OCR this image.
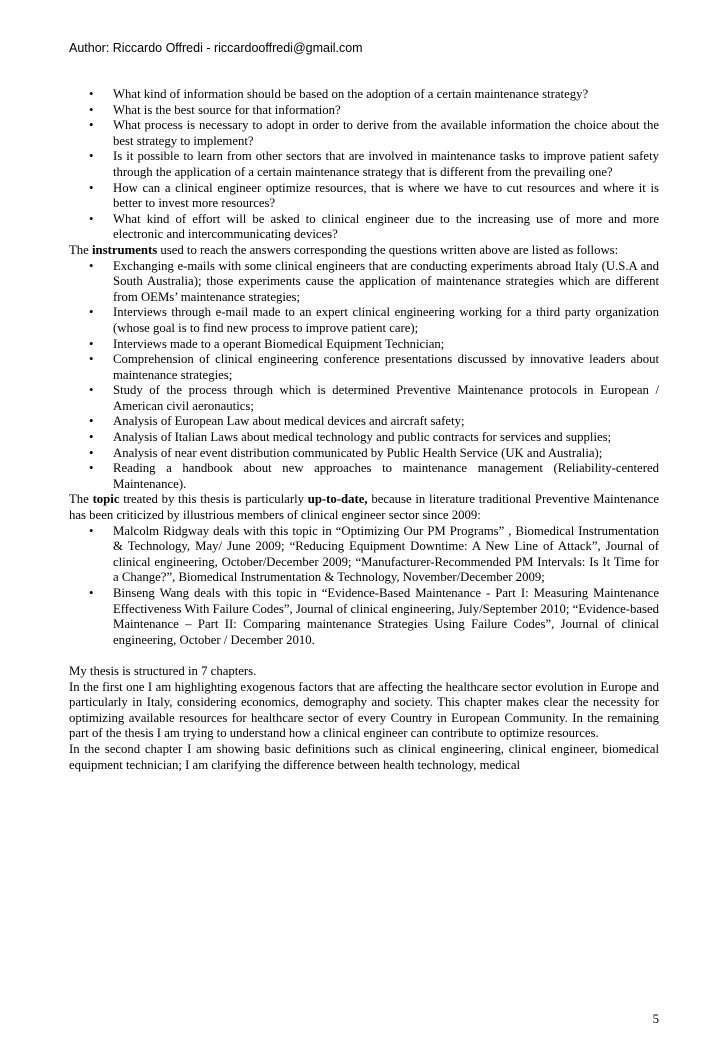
Author: Riccardo Offredi - riccardooffredi@gmail.com
• What kind of information should be based on the adoption of a certain maintenance strategy?
• What is the best source for that information?
• What process is necessary to adopt in order to derive from the available information the choice about the best strategy to implement?
• Is it possible to learn from other sectors that are involved in maintenance tasks to improve patient safety through the application of a certain maintenance strategy that is different from the prevailing one?
• How can a clinical engineer optimize resources, that is where we have to cut resources and where it is better to invest more resources?
• What kind of effort will be asked to clinical engineer due to the increasing use of more and more electronic and intercommunicating devices?

The instruments used to reach the answers corresponding the questions written above are listed as follows:

• Exchanging e-mails with some clinical engineers that are conducting experiments abroad Italy (U.S.A and South Australia); those experiments cause the application of maintenance strategies which are different from OEMs’ maintenance strategies;
• Interviews through e-mail made to an expert clinical engineering working for a third party organization (whose goal is to find new process to improve patient care);
• Interviews made to a operant Biomedical Equipment Technician;
• Comprehension of clinical engineering conference presentations discussed by innovative leaders about maintenance strategies;
• Study of the process through which is determined Preventive Maintenance protocols in European / American civil aeronautics;
• Analysis of European Law about medical devices and aircraft safety;
• Analysis of Italian Laws about medical technology and public contracts for services and supplies;
• Analysis of near event distribution communicated by Public Health Service (UK and Australia);
• Reading a handbook about new approaches to maintenance management (Reliability-centered Maintenance).

The topic treated by this thesis is particularly up-to-date, because in literature traditional Preventive Maintenance has been criticized by illustrious members of clinical engineer sector since 2009:

• Malcolm Ridgway deals with this topic in “Optimizing Our PM Programs” , Biomedical Instrumentation & Technology, May/ June 2009; “Reducing Equipment Downtime: A New Line of Attack”, Journal of clinical engineering, October/December 2009; “Manufacturer-Recommended PM Intervals: Is It Time for a Change?”, Biomedical Instrumentation & Technology, November/December 2009;
• Binseng Wang deals with this topic in “Evidence-Based Maintenance - Part I: Measuring Maintenance Effectiveness With Failure Codes”, Journal of clinical engineering, July/September 2010; “Evidence-based Maintenance – Part II: Comparing maintenance Strategies Using Failure Codes”, Journal of clinical engineering, October / December 2010.

My thesis is structured in 7 chapters.

In the first one I am highlighting exogenous factors that are affecting the healthcare sector evolution in Europe and particularly in Italy, considering economics, demography and society. This chapter makes clear the necessity for optimizing available resources for healthcare sector of every Country in European Community. In the remaining part of the thesis I am trying to understand how a clinical engineer can contribute to optimize resources.

In the second chapter I am showing basic definitions such as clinical engineering, clinical engineer, biomedical equipment technician; I am clarifying the difference between health technology, medical

5
